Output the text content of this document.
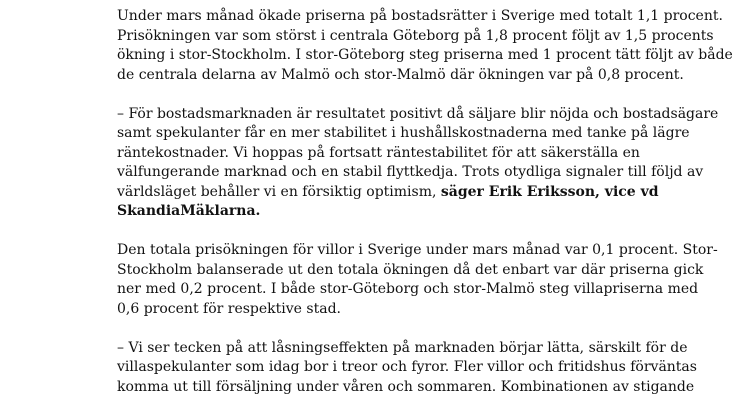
Under mars månad ökade priserna på bostadsrätter i Sverige med totalt 1,1 procent.
Prisökningen var som störst i centrala Göteborg på 1,8 procent följt av 1,5 procents
ökning i stor-Stockholm. I stor-Göteborg steg priserna med 1 procent tätt följt av både
de centrala delarna av Malmö och stor-Malmö där ökningen var på 0,8 procent.

– För bostadsmarknaden är resultatet positivt då säljare blir nöjda och bostadsägare
samt spekulanter får en mer stabilitet i hushållskostnaderna med tanke på lägre
räntekostnader. Vi hoppas på fortsatt räntestabilitet för att säkerställa en
välfungerande marknad och en stabil flyttkedja. Trots otydliga signaler till följd av
världsläget behåller vi en försiktig optimism, säger Erik Eriksson, vice vd
SkandiaMäklarna.

Den totala prisökningen för villor i Sverige under mars månad var 0,1 procent. Stor-
Stockholm balanserade ut den totala ökningen då det enbart var där priserna gick
ner med 0,2 procent. I både stor-Göteborg och stor-Malmö steg villapriserna med
0,6 procent för respektive stad.

– Vi ser tecken på att låsningseffekten på marknaden börjar lätta, särskilt för de
villaspekulanter som idag bor i treor och fyror. Fler villor och fritidshus förväntas
komma ut till försäljning under våren och sommaren. Kombinationen av stigande
